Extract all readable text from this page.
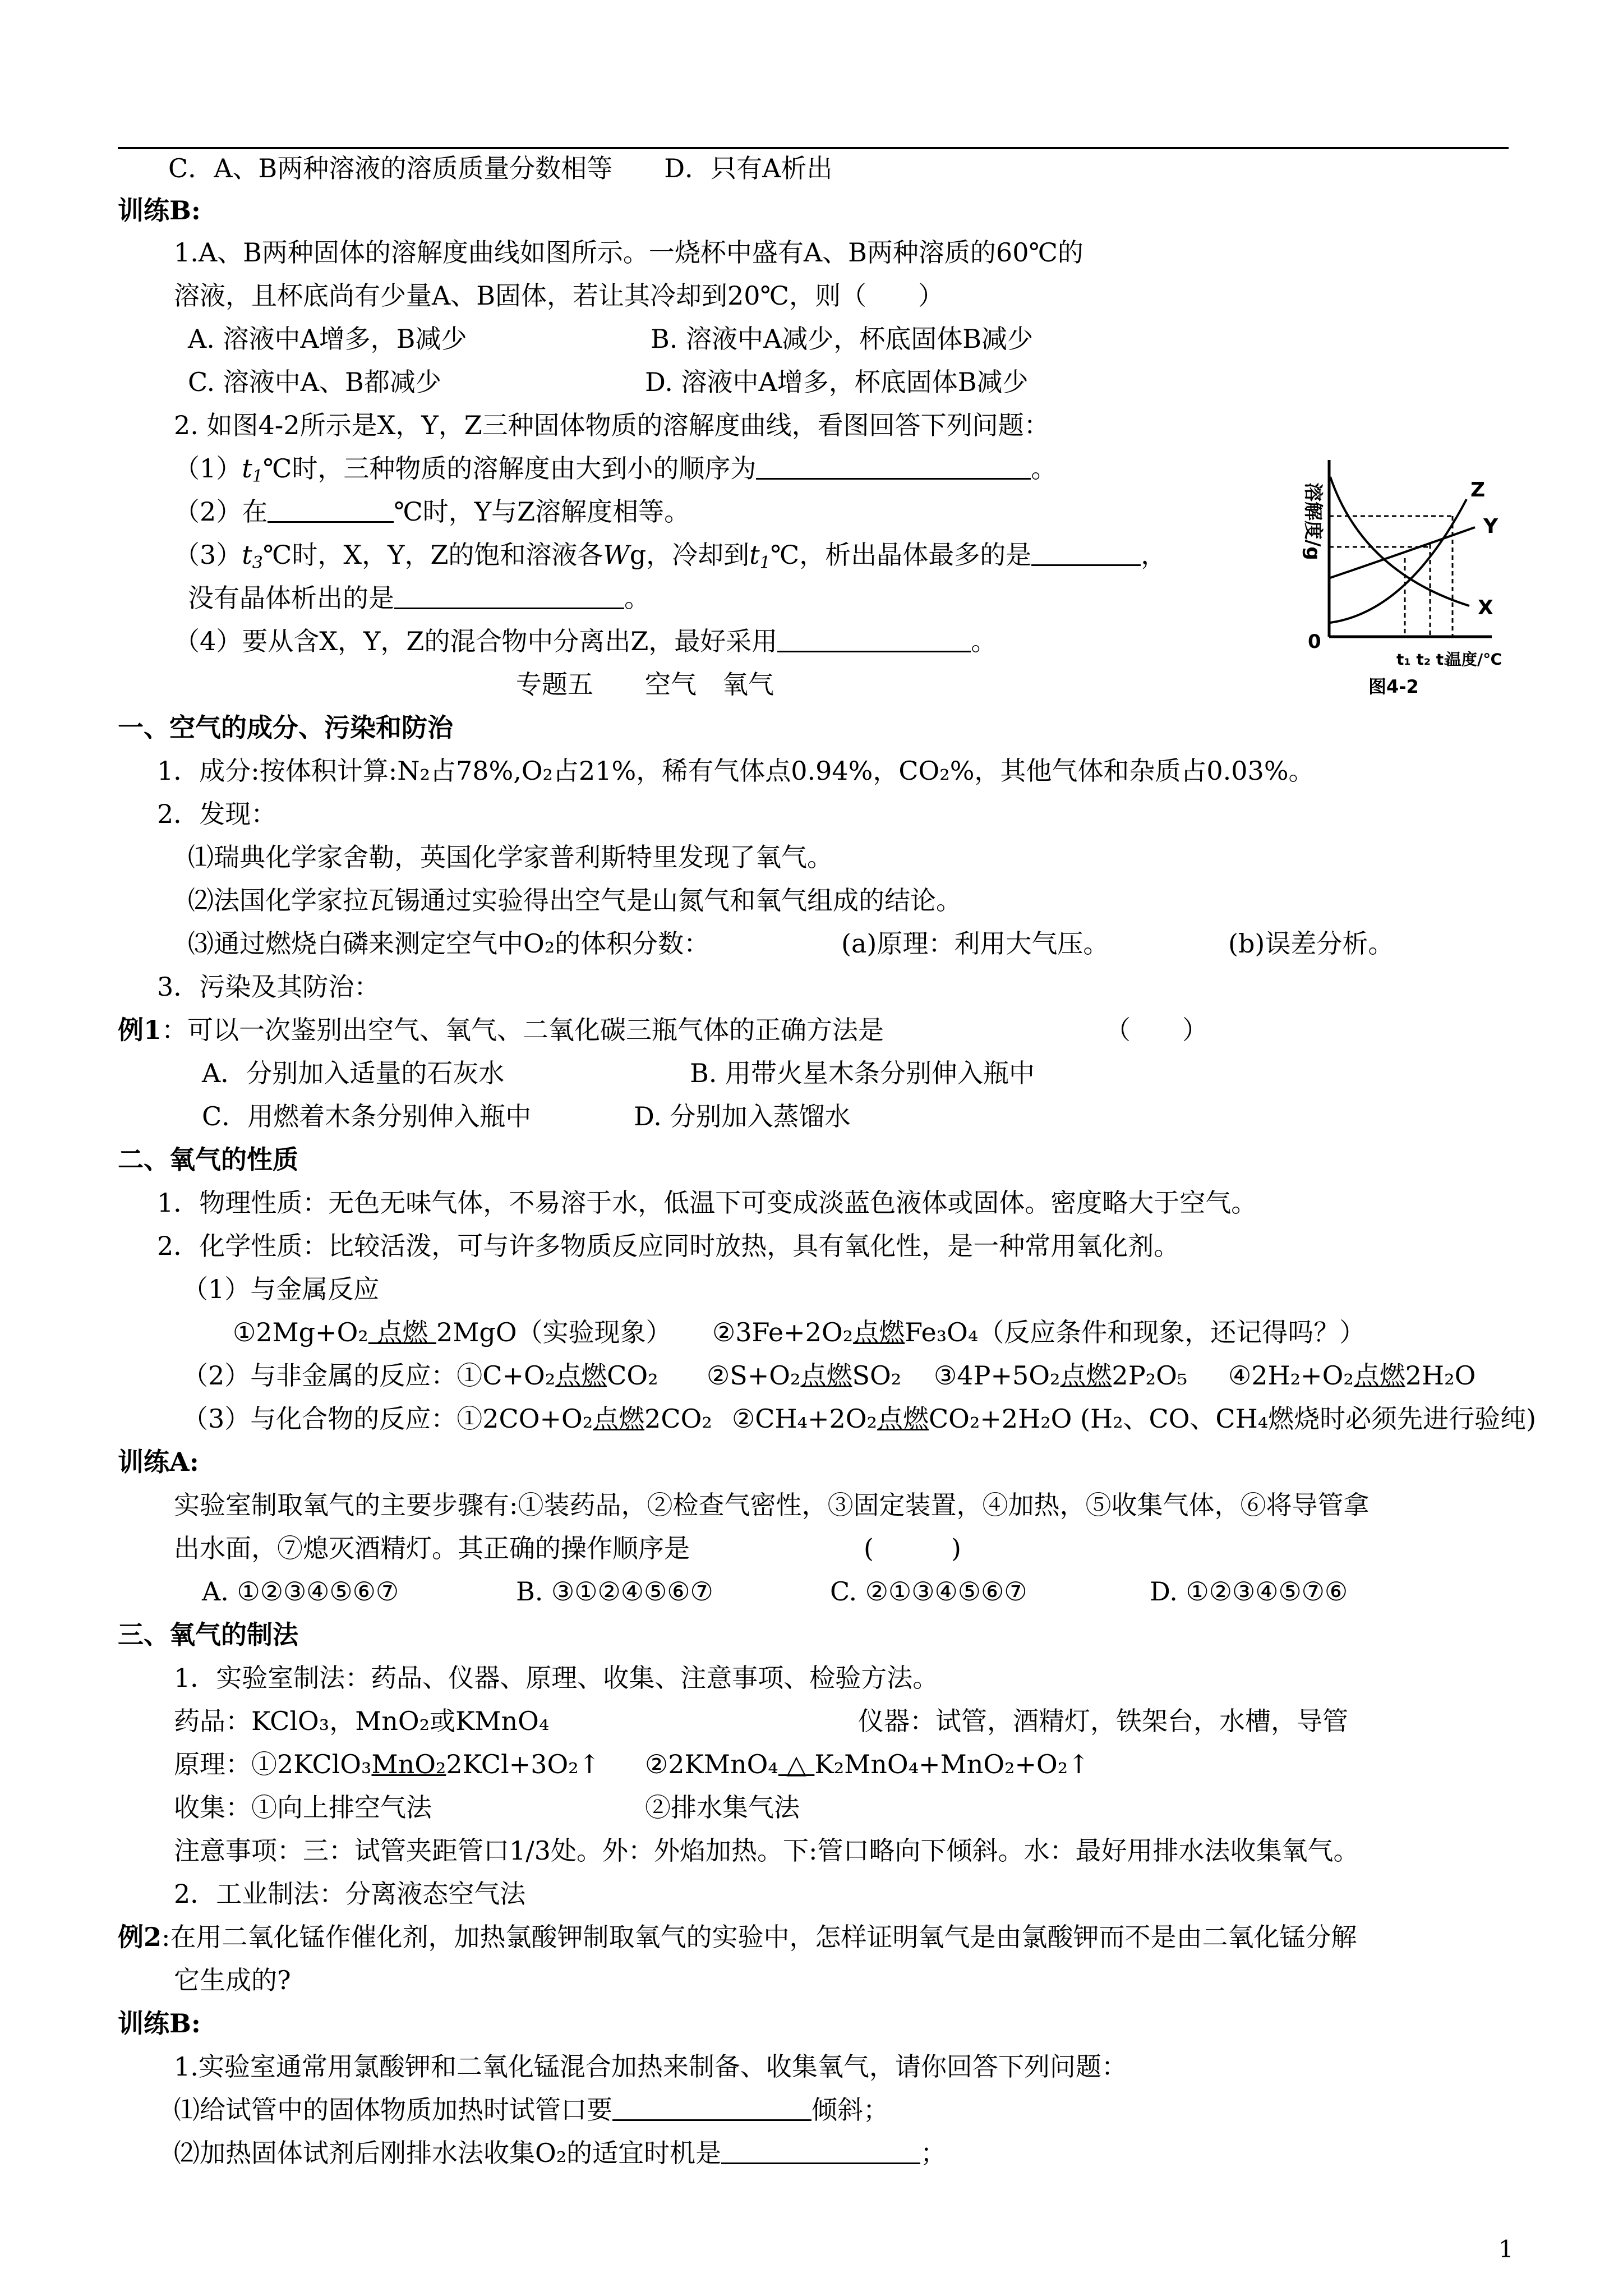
C．A、B两种溶液的溶质质量分数相等　　D．只有A析出
训练B:
1.A、B两种固体的溶解度曲线如图所示。一烧杯中盛有A、B两种溶质的60℃的
溶液，且杯底尚有少量A、B固体，若让其冷却到20℃，则（　　）
A. 溶液中A增多，B减少	B. 溶液中A减少，杯底固体B减少
C. 溶液中A、B都减少	D. 溶液中A增多，杯底固体B减少
2. 如图4-2所示是X，Y，Z三种固体物质的溶解度曲线，看图回答下列问题：
$(1)t_1℃$时，三种物质的溶解度由大到小的顺序为	。
（2）在	℃时，Y与Z溶解度相等。
$(3)t_3℃$时，X，Y，Z的饱和溶液各Wg，冷却到$t_1℃$，析出晶体最多的是	，
没有晶体析出的是	。
（4）要从含X，Y，Z的混合物中分离出Z，最好采用	。
专题五　　空气　氧气
一、空气的成分、污染和防治
1．成分:按体积计算:N₂占78%,O₂占21%，稀有气体点0.94%，CO₂%，其他气体和杂质占0.03%。
2．发现：
⑴瑞典化学家舍勒，英国化学家普利斯特里发现了氧气。
⑵法国化学家拉瓦锡通过实验得出空气是山氮气和氧气组成的结论。
⑶通过燃烧白磷来测定空气中O₂的体积分数：	(a)原理：利用大气压。	(b)误差分析。
3．污染及其防治：
例1：可以一次鉴别出空气、氧气、二氧化碳三瓶气体的正确方法是	（　　）
A．分别加入适量的石灰水	B. 用带火星木条分别伸入瓶中
C．用燃着木条分别伸入瓶中	D. 分别加入蒸馏水
二、氧气的性质
1．物理性质：无色无味气体，不易溶于水，低温下可变成淡蓝色液体或固体。密度略大于空气。
2．化学性质：比较活泼，可与许多物质反应同时放热，具有氧化性，是一种常用氧化剂。
（1）与金属反应
①2Mg+O₂ 点燃 2MgO（实验现象） ②3Fe+2O₂点燃Fe₃O₄（反应条件和现象，还记得吗？）
（2）与非金属的反应：①C+O₂点燃CO₂ ②S+O₂点燃SO₂ ③4P+5O₂点燃2P₂O₅ ④2H₂+O₂点燃2H₂O
（3）与化合物的反应：①2CO+O₂点燃2CO₂ ②CH₄+2O₂点燃CO₂+2H₂O (H₂、CO、CH₄燃烧时必须先进行验纯)
训练A:
实验室制取氧气的主要步骤有:①装药品，②检查气密性，③固定装置，④加热，⑤收集气体，⑥将导管拿
出水面，⑦熄灭酒精灯。其正确的操作顺序是	(　　　)
A. ①②③④⑤⑥⑦	B. ③①②④⑤⑥⑦	C. ②①③④⑤⑥⑦	D. ①②③④⑤⑦⑥
三、氧气的制法
1．实验室制法：药品、仪器、原理、收集、注意事项、检验方法。
药品：KClO₃，MnO₂或KMnO₄	仪器：试管，酒精灯，铁架台，水槽，导管
原理：①2KClO₃MnO₂2KCl+3O₂↑ ②2KMnO₄ △ K₂MnO₄+MnO₂+O₂↑
收集：①向上排空气法	②排水集气法
注意事项：三：试管夹距管口1/3处。外：外焰加热。下:管口略向下倾斜。水：最好用排水法收集氧气。
2．工业制法：分离液态空气法
例2:在用二氧化锰作催化剂，加热氯酸钾制取氧气的实验中，怎样证明氧气是由氯酸钾而不是由二氧化锰分解
它生成的?
训练B:
1.实验室通常用氯酸钾和二氧化锰混合加热来制备、收集氧气，请你回答下列问题：
⑴给试管中的固体物质加热时试管口要	倾斜；
⑵加热固体试剂后刚排水法收集O₂的适宜时机是	；
1
溶解度/g	Z
Y
X
0
t₁ t₂ t₃
温度/℃
图4-2
